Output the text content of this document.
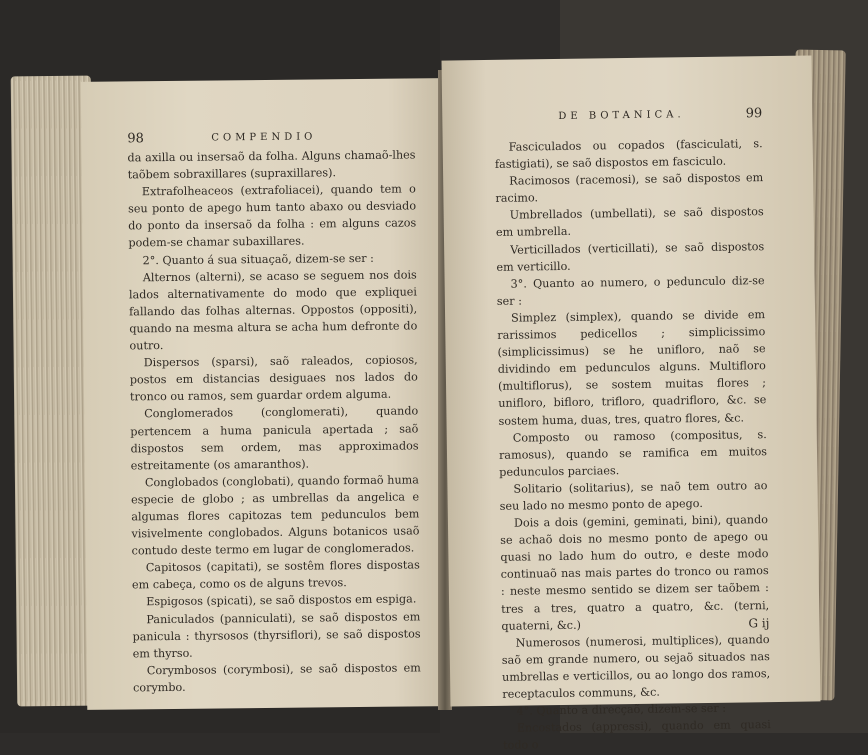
98	COMPENDIO

da axilla ou insersaõ da folha. Alguns chamaõ-lhes taõbem sobraxillares (supraxillares).

Extrafolheaceos (extrafoliacei), quando tem o seu ponto de apego hum tanto abaxo ou desviado do ponto da insersaõ da folha : em alguns cazos podem-se chamar subaxillares.

2°. Quanto á sua situaçaõ, dizem-se ser :

Alternos (alterni), se acaso se seguem nos dois lados alternativamente do modo que expliquei fallando das folhas alternas. Oppostos (oppositi), quando na mesma altura se acha hum defronte do outro.

Dispersos (sparsi), saõ raleados, copiosos, postos em distancias desiguaes nos lados do tronco ou ramos, sem guardar ordem alguma.

Conglomerados (conglomerati), quando pertencem a huma panicula apertada ; saõ dispostos sem ordem, mas approximados estreitamente (os amaranthos).

Conglobados (conglobati), quando formaõ huma especie de globo ; as umbrellas da angelica e algumas flores capitozas tem pedunculos bem visivelmente conglobados. Alguns botanicos usaõ contudo deste termo em lugar de conglomerados.

Capitosos (capitati), se sostêm flores dispostas em cabeça, como os de alguns trevos.

Espigosos (spicati), se saõ dispostos em espiga.

Paniculados (panniculati), se saõ dispostos em panicula : thyrsosos (thyrsiflori), se saõ dispostos em thyrso.

Corymbosos (corymbosi), se saõ dispostos em corymbo.

DE BOTANICA.	99

Fasciculados ou copados (fasciculati, s. fastigiati), se saõ dispostos em fasciculo.

Racimosos (racemosi), se saõ dispostos em racimo.

Umbrellados (umbellati), se saõ dispostos em umbrella.

Verticillados (verticillati), se saõ dispostos em verticillo.

3°. Quanto ao numero, o pedunculo diz-se ser :

Simplez (simplex), quando se divide em rarissimos pedicellos ; simplicissimo (simplicissimus) se he uniflоro, naõ se dividindo em pedunculos alguns. Multifloro (multiflorus), se sostem muitas flores ; unifloro, bifloro, trifloro, quadrifloro, &c. se sostem huma, duas, tres, quatro flores, &c.

Composto ou ramoso (compositus, s. ramosus), quando se ramifica em muitos pedunculos parciaes.

Solitario (solitarius), se naõ tem outro ao seu lado no mesmo ponto de apego.

Dois a dois (gemini, geminati, bini), quando se achaõ dois no mesmo ponto de apego ou quasi no lado hum do outro, e deste modo continuaõ nas mais partes do tronco ou ramos : neste mesmo sentido se dizem ser taõbem : tres a tres, quatro a quatro, &c. (terni, quaterni, &c.)

Numerosos (numerosi, multiplices), quando saõ em grande numero, ou sejaõ situados nas umbrellas e verticillos, ou ao longo dos ramos, receptaculos communs, &c.

4°. Quanto a direcçaõ, dizem-se ser :

Encostados (appressi), quando em quasi todo o

G ij
